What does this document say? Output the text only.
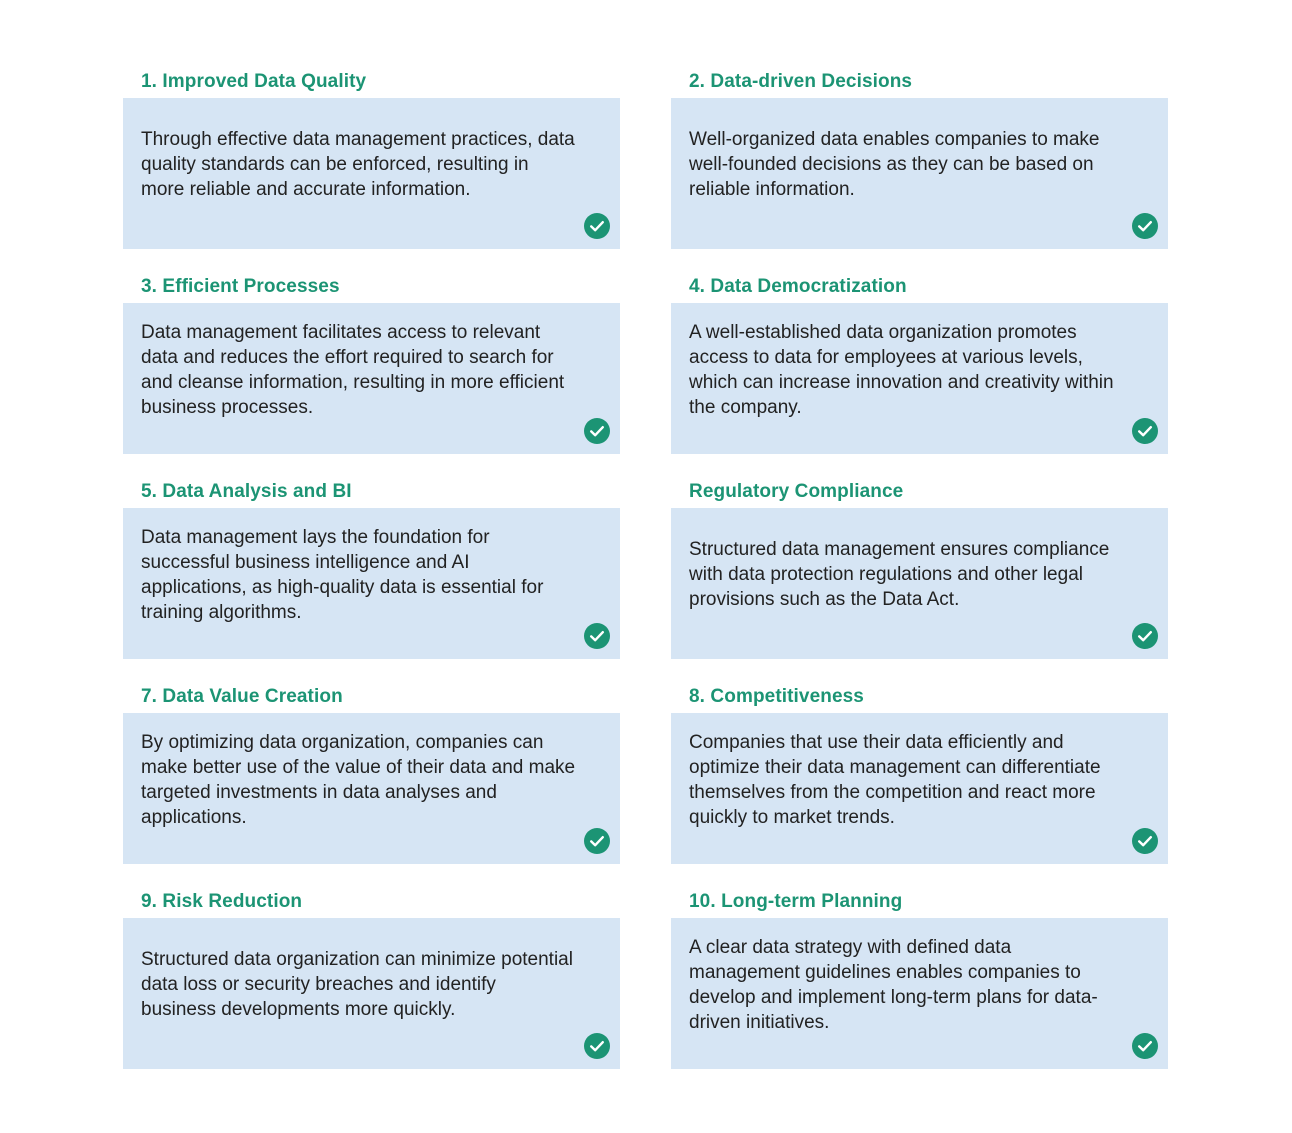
1. Improved Data Quality

Through effective data management practices, data quality standards can be enforced, resulting in more reliable and accurate information.

2. Data-driven Decisions

Well-organized data enables companies to make well-founded decisions as they can be based on reliable information.

3. Efficient Processes

Data management facilitates access to relevant data and reduces the effort required to search for and cleanse information, resulting in more efficient business processes.

4. Data Democratization

A well-established data organization promotes access to data for employees at various levels, which can increase innovation and creativity within the company.

5. Data Analysis and BI

Data management lays the foundation for successful business intelligence and AI applications, as high-quality data is essential for training algorithms.

Regulatory Compliance

Structured data management ensures compliance with data protection regulations and other legal provisions such as the Data Act.

7. Data Value Creation

By optimizing data organization, companies can make better use of the value of their data and make targeted investments in data analyses and applications.

8. Competitiveness

Companies that use their data efficiently and optimize their data management can differentiate themselves from the competition and react more quickly to market trends.

9. Risk Reduction

Structured data organization can minimize potential data loss or security breaches and identify business developments more quickly.

10. Long-term Planning

A clear data strategy with defined data management guidelines enables companies to develop and implement long-term plans for data-driven initiatives.
